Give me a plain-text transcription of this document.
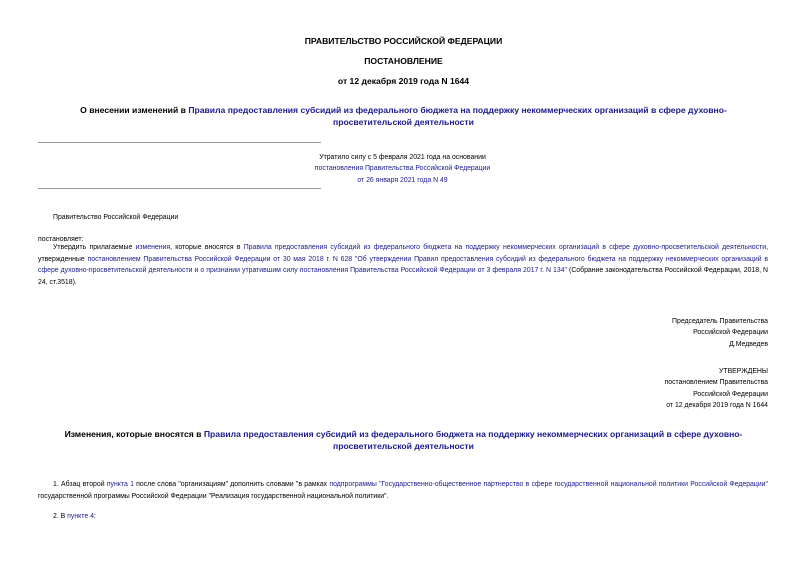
ПРАВИТЕЛЬСТВО РОССИЙСКОЙ ФЕДЕРАЦИИ
ПОСТАНОВЛЕНИЕ
от 12 декабря 2019 года N 1644
О внесении изменений в Правила предоставления субсидий из федерального бюджета на поддержку некоммерческих организаций в сфере духовно-
просветительской деятельности
Утратило силу с 5 февраля 2021 года на основании
постановления Правительства Российской Федерации
от 26 января 2021 года N 49
Правительство Российской Федерации
постановляет:
Утвердить прилагаемые изменения, которые вносятся в Правила предоставления субсидий из федерального бюджета на поддержку некоммерческих организаций в сфере духовно-просветительской деятельности, утвержденные постановлением Правительства Российской Федерации от 30 мая 2018 г. N 628 "Об утверждении Правил предоставления субсидий из федерального бюджета на поддержку некоммерческих организаций в сфере духовно-просветительской деятельности и о признании утратившим силу постановления Правительства Российской Федерации от 3 февраля 2017 г. N 134" (Собрание законодательства Российской Федерации, 2018, N 24, ст.3518).
Председатель Правительства
Российской Федерации
Д.Медведев
УТВЕРЖДЕНЫ
постановлением Правительства
Российской Федерации
от 12 декабря 2019 года N 1644
Изменения, которые вносятся в Правила предоставления субсидий из федерального бюджета на поддержку некоммерческих организаций в сфере духовно-
просветительской деятельности
1. Абзац второй пункта 1 после слова "организациям" дополнить словами "в рамках подпрограммы "Государственно-общественное партнерство в сфере государственной национальной политики Российской Федерации" государственной программы Российской Федерации "Реализация государственной национальной политики".
2. В пункте 4:
